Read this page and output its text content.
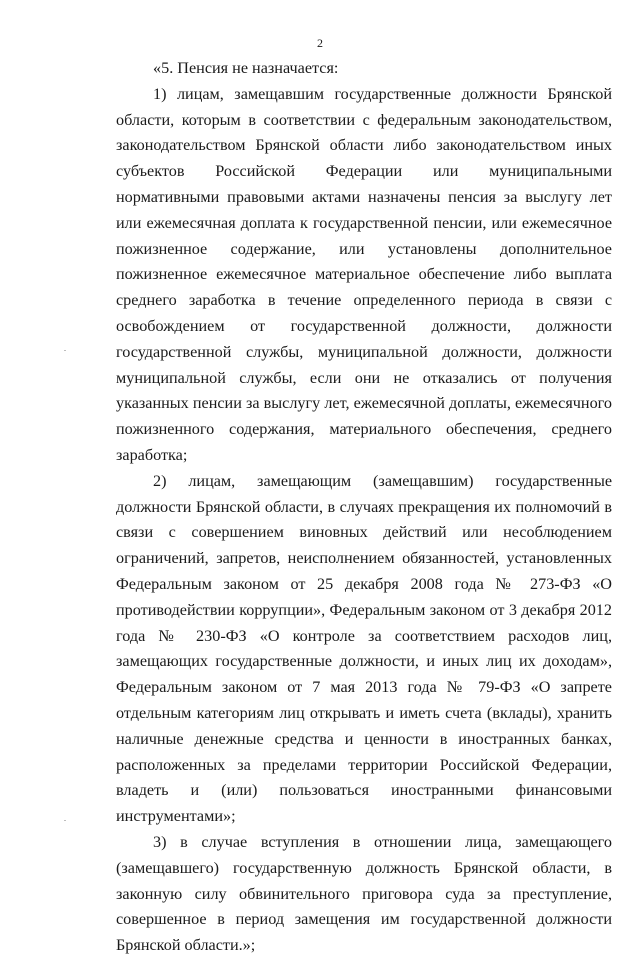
2

«5. Пенсия не назначается:

1) лицам, замещавшим государственные должности Брянской области, которым в соответствии с федеральным законодательством, законодательством Брянской области либо законодательством иных субъектов Российской Федерации или муниципальными нормативными правовыми актами назначены пенсия за выслугу лет или ежемесячная доплата к государственной пенсии, или ежемесячное пожизненное содержание, или установлены дополнительное пожизненное ежемесячное материальное обеспечение либо выплата среднего заработка в течение определенного периода в связи с освобождением от государственной должности, должности государственной службы, муниципальной должности, должности муниципальной службы, если они не отказались от получения указанных пенсии за выслугу лет, ежемесячной доплаты, ежемесячного пожизненного содержания, материального обеспечения, среднего заработка;

2) лицам, замещающим (замещавшим) государственные должности Брянской области, в случаях прекращения их полномочий в связи с совершением виновных действий или несоблюдением ограничений, запретов, неисполнением обязанностей, установленных Федеральным законом от 25 декабря 2008 года № 273-ФЗ «О противодействии коррупции», Федеральным законом от 3 декабря 2012 года № 230-ФЗ «О контроле за соответствием расходов лиц, замещающих государственные должности, и иных лиц их доходам», Федеральным законом от 7 мая 2013 года № 79-ФЗ «О запрете отдельным категориям лиц открывать и иметь счета (вклады), хранить наличные денежные средства и ценности в иностранных банках, расположенных за пределами территории Российской Федерации, владеть и (или) пользоваться иностранными финансовыми инструментами»;

3) в случае вступления в отношении лица, замещающего (замещавшего) государственную должность Брянской области, в законную силу обвинительного приговора суда за преступление, совершенное в период замещения им государственной должности Брянской области.»;
